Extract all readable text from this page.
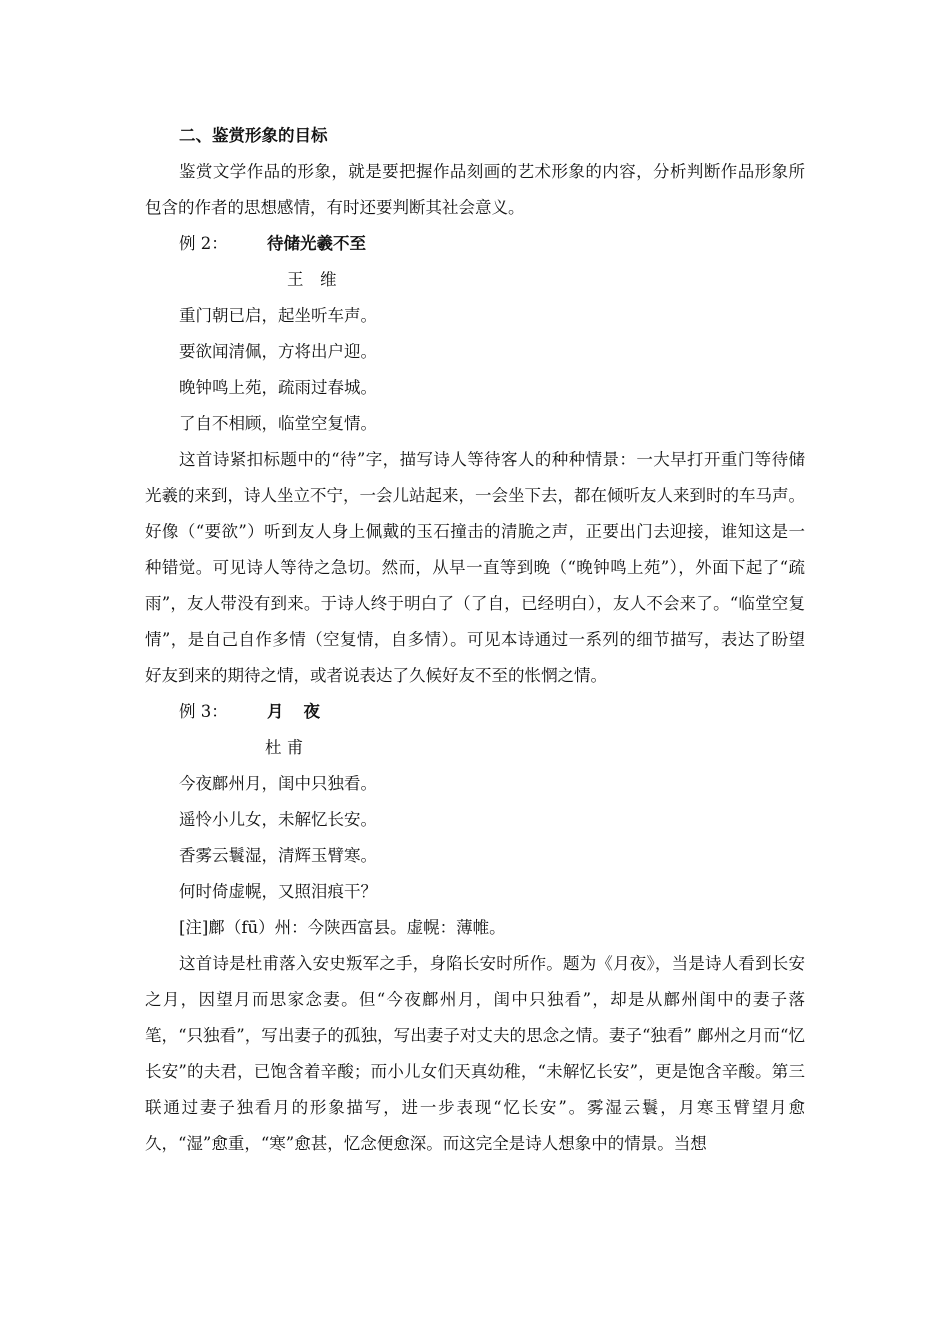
二、鉴赏形象的目标
鉴赏文学作品的形象，就是要把握作品刻画的艺术形象的内容，分析判断作品形象所包含的作者的思想感情，有时还要判断其社会意义。
例 2： 待储光羲不至
王　维
重门朝已启，起坐听车声。
要欲闻清佩，方将出户迎。
晚钟鸣上苑，疏雨过春城。
了自不相顾，临堂空复情。
这首诗紧扣标题中的“待”字，描写诗人等待客人的种种情景：一大早打开重门等待储光羲的来到，诗人坐立不宁，一会儿站起来，一会坐下去，都在倾听友人来到时的车马声。好像（“要欲”）听到友人身上佩戴的玉石撞击的清脆之声，正要出门去迎接，谁知这是一种错觉。可见诗人等待之急切。然而，从早一直等到晚（“晚钟鸣上苑”），外面下起了“疏雨”，友人带没有到来。于诗人终于明白了（了自，已经明白），友人不会来了。“临堂空复情”，是自己自作多情（空复情，自多情）。可见本诗通过一系列的细节描写，表达了盼望好友到来的期待之情，或者说表达了久候好友不至的怅惘之情。
例 3： 月夜
杜 甫
今夜鄜州月，闺中只独看。
遥怜小儿女，未解忆长安。
香雾云鬟湿，清辉玉臂寒。
何时倚虚幌，又照泪痕干？
[注]鄜（fū）州：今陕西富县。虚幌：薄帷。
这首诗是杜甫落入安史叛军之手，身陷长安时所作。题为《月夜》，当是诗人看到长安之月，因望月而思家念妻。但“今夜鄜州月，闺中只独看”，却是从鄜州闺中的妻子落笔，“只独看”，写出妻子的孤独，写出妻子对丈夫的思念之情。妻子“独看” 鄜州之月而“忆长安”的夫君，已饱含着辛酸；而小儿女们天真幼稚，“未解忆长安”，更是饱含辛酸。第三联通过妻子独看月的形象描写，进一步表现“忆长安”。雾湿云鬟，月寒玉臂望月愈久，“湿”愈重，“寒”愈甚，忆念便愈深。而这完全是诗人想象中的情景。当想
